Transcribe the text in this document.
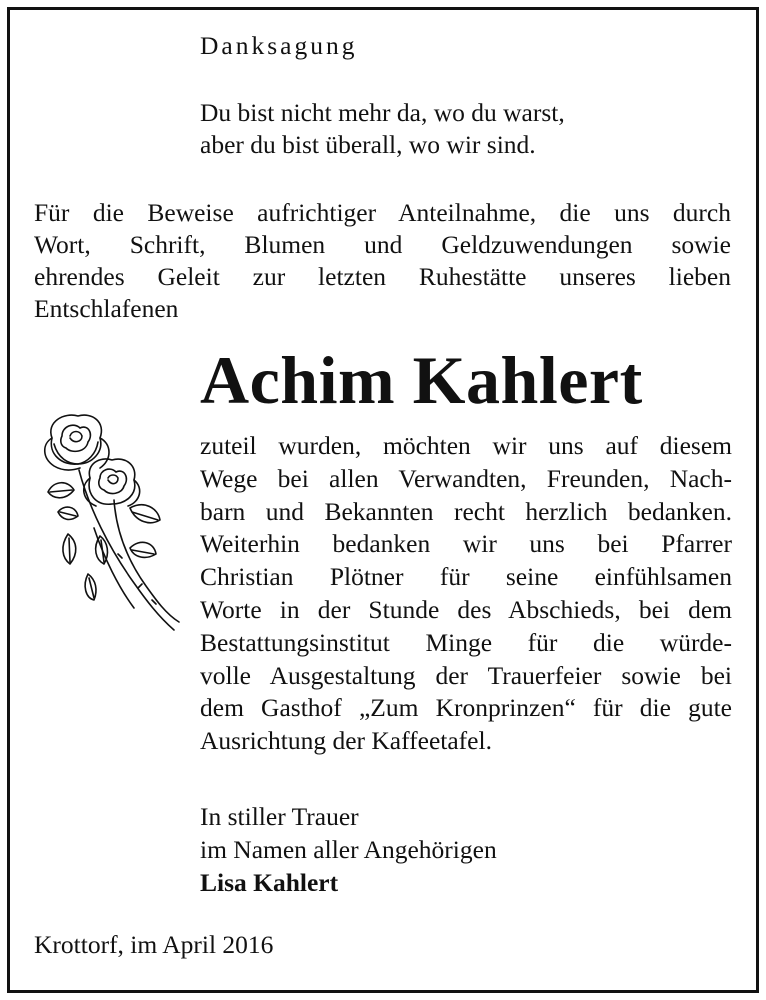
Danksagung
Du bist nicht mehr da, wo du warst,
aber du bist überall, wo wir sind.
Für die Beweise aufrichtiger Anteilnahme, die uns durch
Wort, Schrift, Blumen und Geldzuwendungen sowie
ehrendes Geleit zur letzten Ruhestätte unseres lieben
Entschlafenen
Achim Kahlert
zuteil wurden, möchten wir uns auf diesem
Wege bei allen Verwandten, Freunden, Nach-
barn und Bekannten recht herzlich bedanken.
Weiterhin bedanken wir uns bei Pfarrer
Christian Plötner für seine einfühlsamen
Worte in der Stunde des Abschieds, bei dem
Bestattungsinstitut Minge für die würde-
volle Ausgestaltung der Trauerfeier sowie bei
dem Gasthof „Zum Kronprinzen“ für die gute
Ausrichtung der Kaffeetafel.
In stiller Trauer
im Namen aller Angehörigen
Lisa Kahlert
Krottorf, im April 2016
